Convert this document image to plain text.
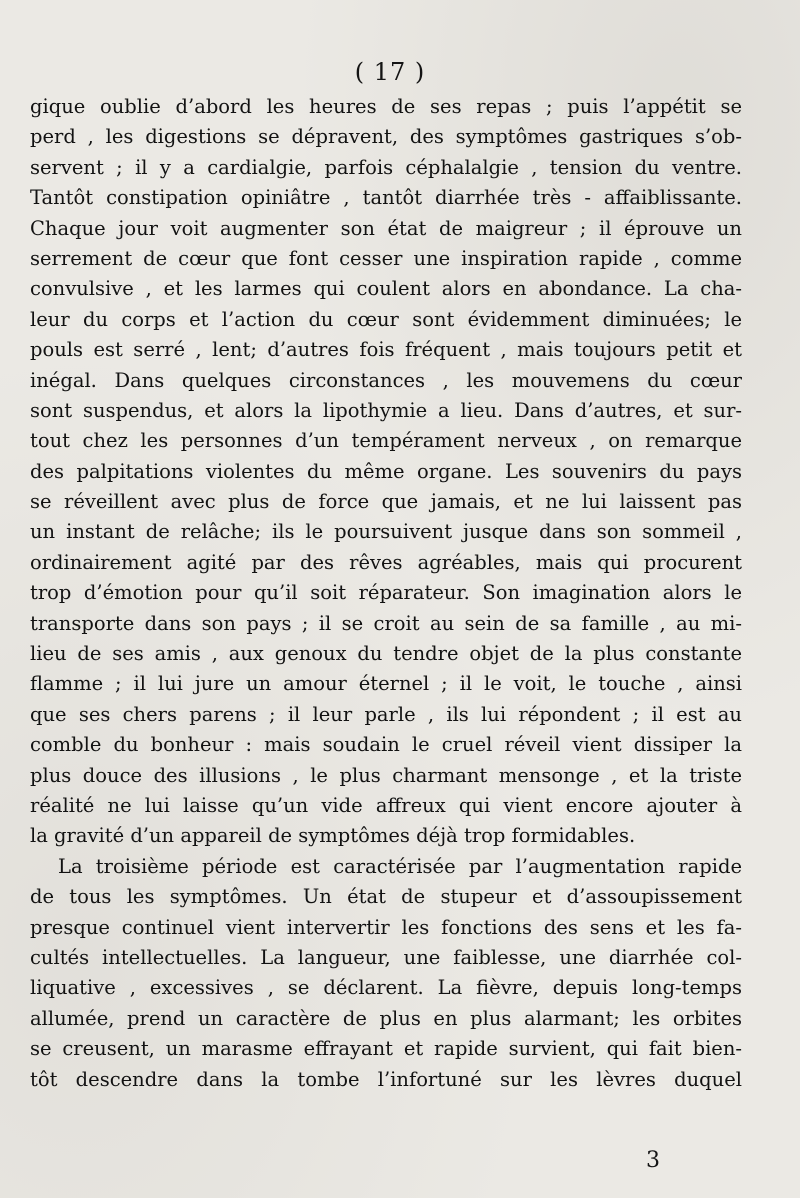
( 17 )
gique oublie d’abord les heures de ses repas ; puis l’appétit se
perd , les digestions se dépravent, des symptômes gastriques s’ob-
servent ; il y a cardialgie, parfois céphalalgie , tension du ventre.
Tantôt constipation opiniâtre , tantôt diarrhée très - affaiblissante.
Chaque jour voit augmenter son état de maigreur ; il éprouve un
serrement de cœur que font cesser une inspiration rapide , comme
convulsive , et les larmes qui coulent alors en abondance. La cha-
leur du corps et l’action du cœur sont évidemment diminuées; le
pouls est serré , lent; d’autres fois fréquent , mais toujours petit et
inégal. Dans quelques circonstances , les mouvemens du cœur
sont suspendus, et alors la lipothymie a lieu. Dans d’autres, et sur-
tout chez les personnes d’un tempérament nerveux , on remarque
des palpitations violentes du même organe. Les souvenirs du pays
se réveillent avec plus de force que jamais, et ne lui laissent pas
un instant de relâche; ils le poursuivent jusque dans son sommeil ,
ordinairement agité par des rêves agréables, mais qui procurent
trop d’émotion pour qu’il soit réparateur. Son imagination alors le
transporte dans son pays ; il se croit au sein de sa famille , au mi-
lieu de ses amis , aux genoux du tendre objet de la plus constante
flamme ; il lui jure un amour éternel ; il le voit, le touche , ainsi
que ses chers parens ; il leur parle , ils lui répondent ; il est au
comble du bonheur : mais soudain le cruel réveil vient dissiper la
plus douce des illusions , le plus charmant mensonge , et la triste
réalité ne lui laisse qu’un vide affreux qui vient encore ajouter à
la gravité d’un appareil de symptômes déjà trop formidables.
La troisième période est caractérisée par l’augmentation rapide
de tous les symptômes. Un état de stupeur et d’assoupissement
presque continuel vient intervertir les fonctions des sens et les fa-
cultés intellectuelles. La langueur, une faiblesse, une diarrhée col-
liquative , excessives , se déclarent. La fièvre, depuis long-temps
allumée, prend un caractère de plus en plus alarmant; les orbites
se creusent, un marasme effrayant et rapide survient, qui fait bien-
tôt descendre dans la tombe l’infortuné sur les lèvres duquel
3
